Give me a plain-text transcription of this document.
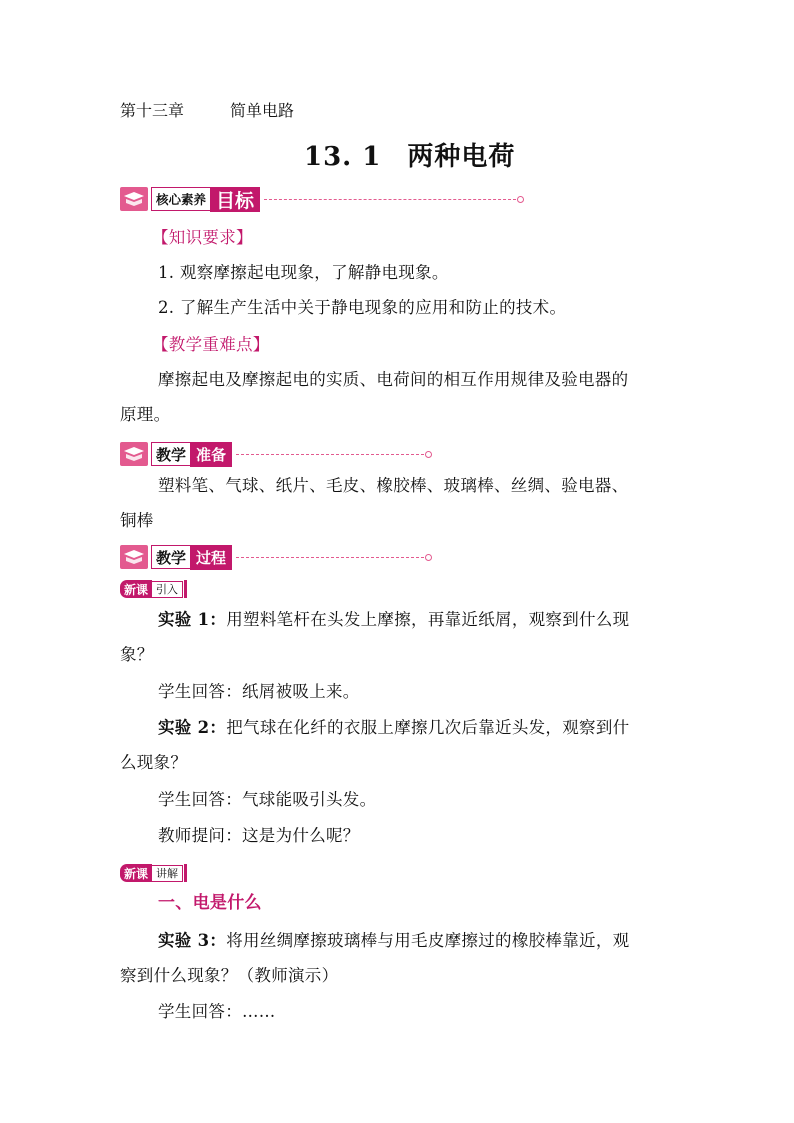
第十三章	简单电路
13. 1 两种电荷
核心素养 目标
【知识要求】
1. 观察摩擦起电现象，了解静电现象。
2. 了解生产生活中关于静电现象的应用和防止的技术。
【教学重难点】
摩擦起电及摩擦起电的实质、电荷间的相互作用规律及验电器的
原理。
教学 准备
塑料笔、气球、纸片、毛皮、橡胶棒、玻璃棒、丝绸、验电器、
铜棒
教学 过程
新课 引入
实验 1：用塑料笔杆在头发上摩擦，再靠近纸屑，观察到什么现
象？
学生回答：纸屑被吸上来。
实验 2：把气球在化纤的衣服上摩擦几次后靠近头发，观察到什
么现象？
学生回答：气球能吸引头发。
教师提问：这是为什么呢？
新课 讲解
一、电是什么
实验 3：将用丝绸摩擦玻璃棒与用毛皮摩擦过的橡胶棒靠近，观
察到什么现象？（教师演示）
学生回答：……
